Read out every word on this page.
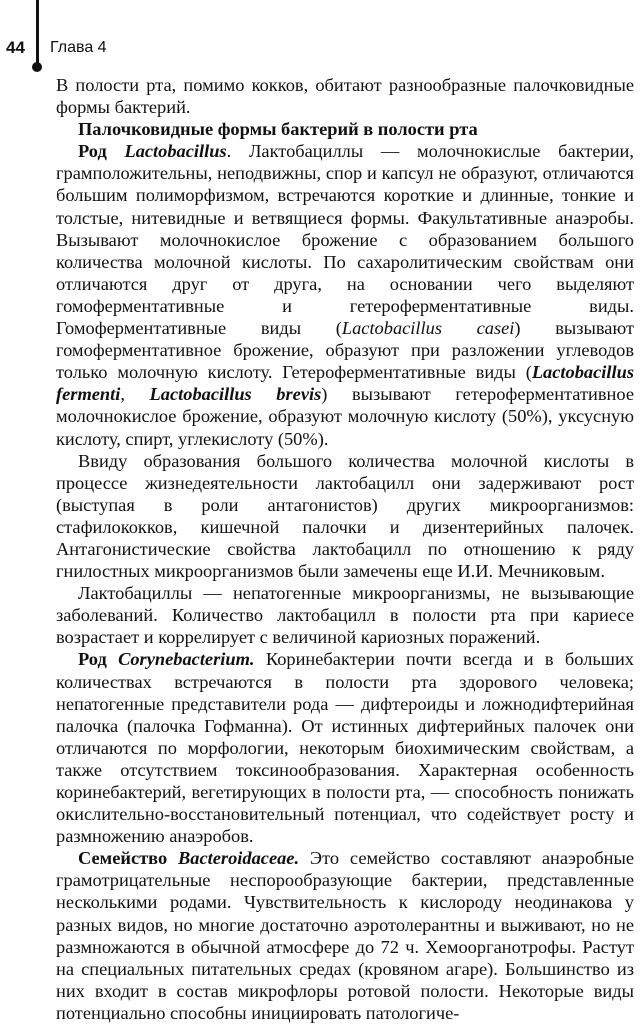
44 Глава 4

В полости рта, помимо кокков, обитают разнообразные палочковидные формы бактерий.

Палочковидные формы бактерий в полости рта

Род Lactobacillus. Лактобациллы — молочнокислые бактерии, грамположительны, неподвижны, спор и капсул не образуют, отличаются большим полиморфизмом, встречаются короткие и длинные, тонкие и толстые, нитевидные и ветвящиеся формы. Факультативные анаэробы. Вызывают молочнокислое брожение с образованием большого количества молочной кислоты. По сахаролитическим свойствам они отличаются друг от друга, на основании чего выделяют гомоферментативные и гетероферментативные виды. Гомоферментативные виды (Lactobacillus casei) вызывают гомоферментативное брожение, образуют при разложении углеводов только молочную кислоту. Гетероферментативные виды (Lactobacillus fermenti, Lactobacillus brevis) вызывают гетероферментативное молочнокислое брожение, образуют молочную кислоту (50%), уксусную кислоту, спирт, углекислоту (50%).

Ввиду образования большого количества молочной кислоты в процессе жизнедеятельности лактобацилл они задерживают рост (выступая в роли антагонистов) других микроорганизмов: стафилококков, кишечной палочки и дизентерийных палочек. Антагонистические свойства лактобацилл по отношению к ряду гнилостных микроорганизмов были замечены еще И.И. Мечниковым.

Лактобациллы — непатогенные микроорганизмы, не вызывающие заболеваний. Количество лактобацилл в полости рта при кариесе возрастает и коррелирует с величиной кариозных поражений.

Род Corynebacterium. Коринебактерии почти всегда и в больших количествах встречаются в полости рта здорового человека; непатогенные представители рода — дифтероиды и ложнодифтерийная палочка (палочка Гофманна). От истинных дифтерийных палочек они отличаются по морфологии, некоторым биохимическим свойствам, а также отсутствием токсинообразования. Характерная особенность коринебактерий, вегетирующих в полости рта, — способность понижать окислительно-восстановительный потенциал, что содействует росту и размножению анаэробов.

Семейство Bacteroidaceae. Это семейство составляют анаэробные грамотрицательные неспорообразующие бактерии, представленные несколькими родами. Чувствительность к кислороду неодинакова у разных видов, но многие достаточно аэротолерантны и выживают, но не размножаются в обычной атмосфере до 72 ч. Хемоорганотрофы. Растут на специальных питательных средах (кровяном агаре). Большинство из них входит в состав микрофлоры ротовой полости. Некоторые виды потенциально способны инициировать патологиче-
